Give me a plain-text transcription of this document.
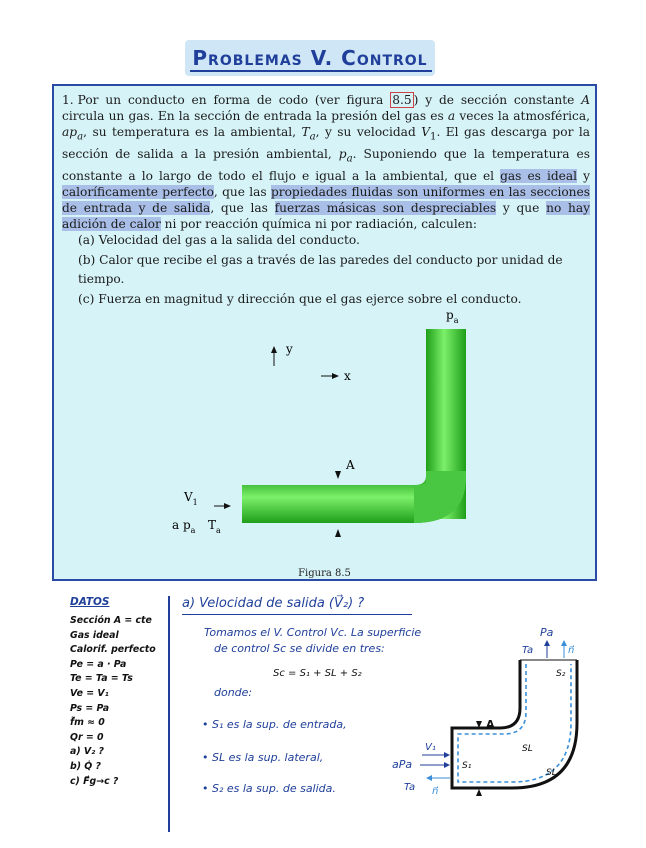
Problemas V. Control
1. Por un conducto en forma de codo (ver figura 8.5 ) y de sección constante A circula un gas. En la sección de entrada la presión del gas es a veces la atmosférica, $ap_a$, su temperatura es la ambiental, $T_a$, y su velocidad $V_1$. El gas descarga por la sección de salida a la presión ambiental, $p_a$. Suponiendo que la temperatura es constante a lo largo de todo el flujo e igual a la ambiental, que el gas es ideal y caloríficamente perfecto, que las propiedades fluidas son uniformes en las secciones de entrada y de salida, que las fuerzas másicas son despreciables y que no hay adición de calor ni por reacción química ni por radiación, calculen:
(a) Velocidad del gas a la salida del conducto.
(b) Calor que recibe el gas a través de las paredes del conducto por unidad de tiempo.
(c) Fuerza en magnitud y dirección que el gas ejerce sobre el conducto.
$p_a$
y
x
A
$V_1$
a $p_a$ $T_a$
Figura 8.5
DATOS
Sección A = cte
Gas ideal
Calorif. perfecto
Pe = a · Pa
Te = Ta = Ts
Ve = V₁
Ps = Pa
f̃m ≈ 0
Qr = 0
a) V₂ ?
b) Q̇ ?
c) F⃗g→c ?
a) Velocidad de salida (V⃗₂) ?
Tomamos el V. Control Vc. La superficie
de control Sc se divide en tres:
Sc = S₁ + SL + S₂
donde:
• S₁ es la sup. de entrada,
• SL es la sup. lateral,
• S₂ es la sup. de salida.
Pa
Ta	n⃗
S₂
A
SL
SL
S₁
V₁
aPa
Ta n⃗
